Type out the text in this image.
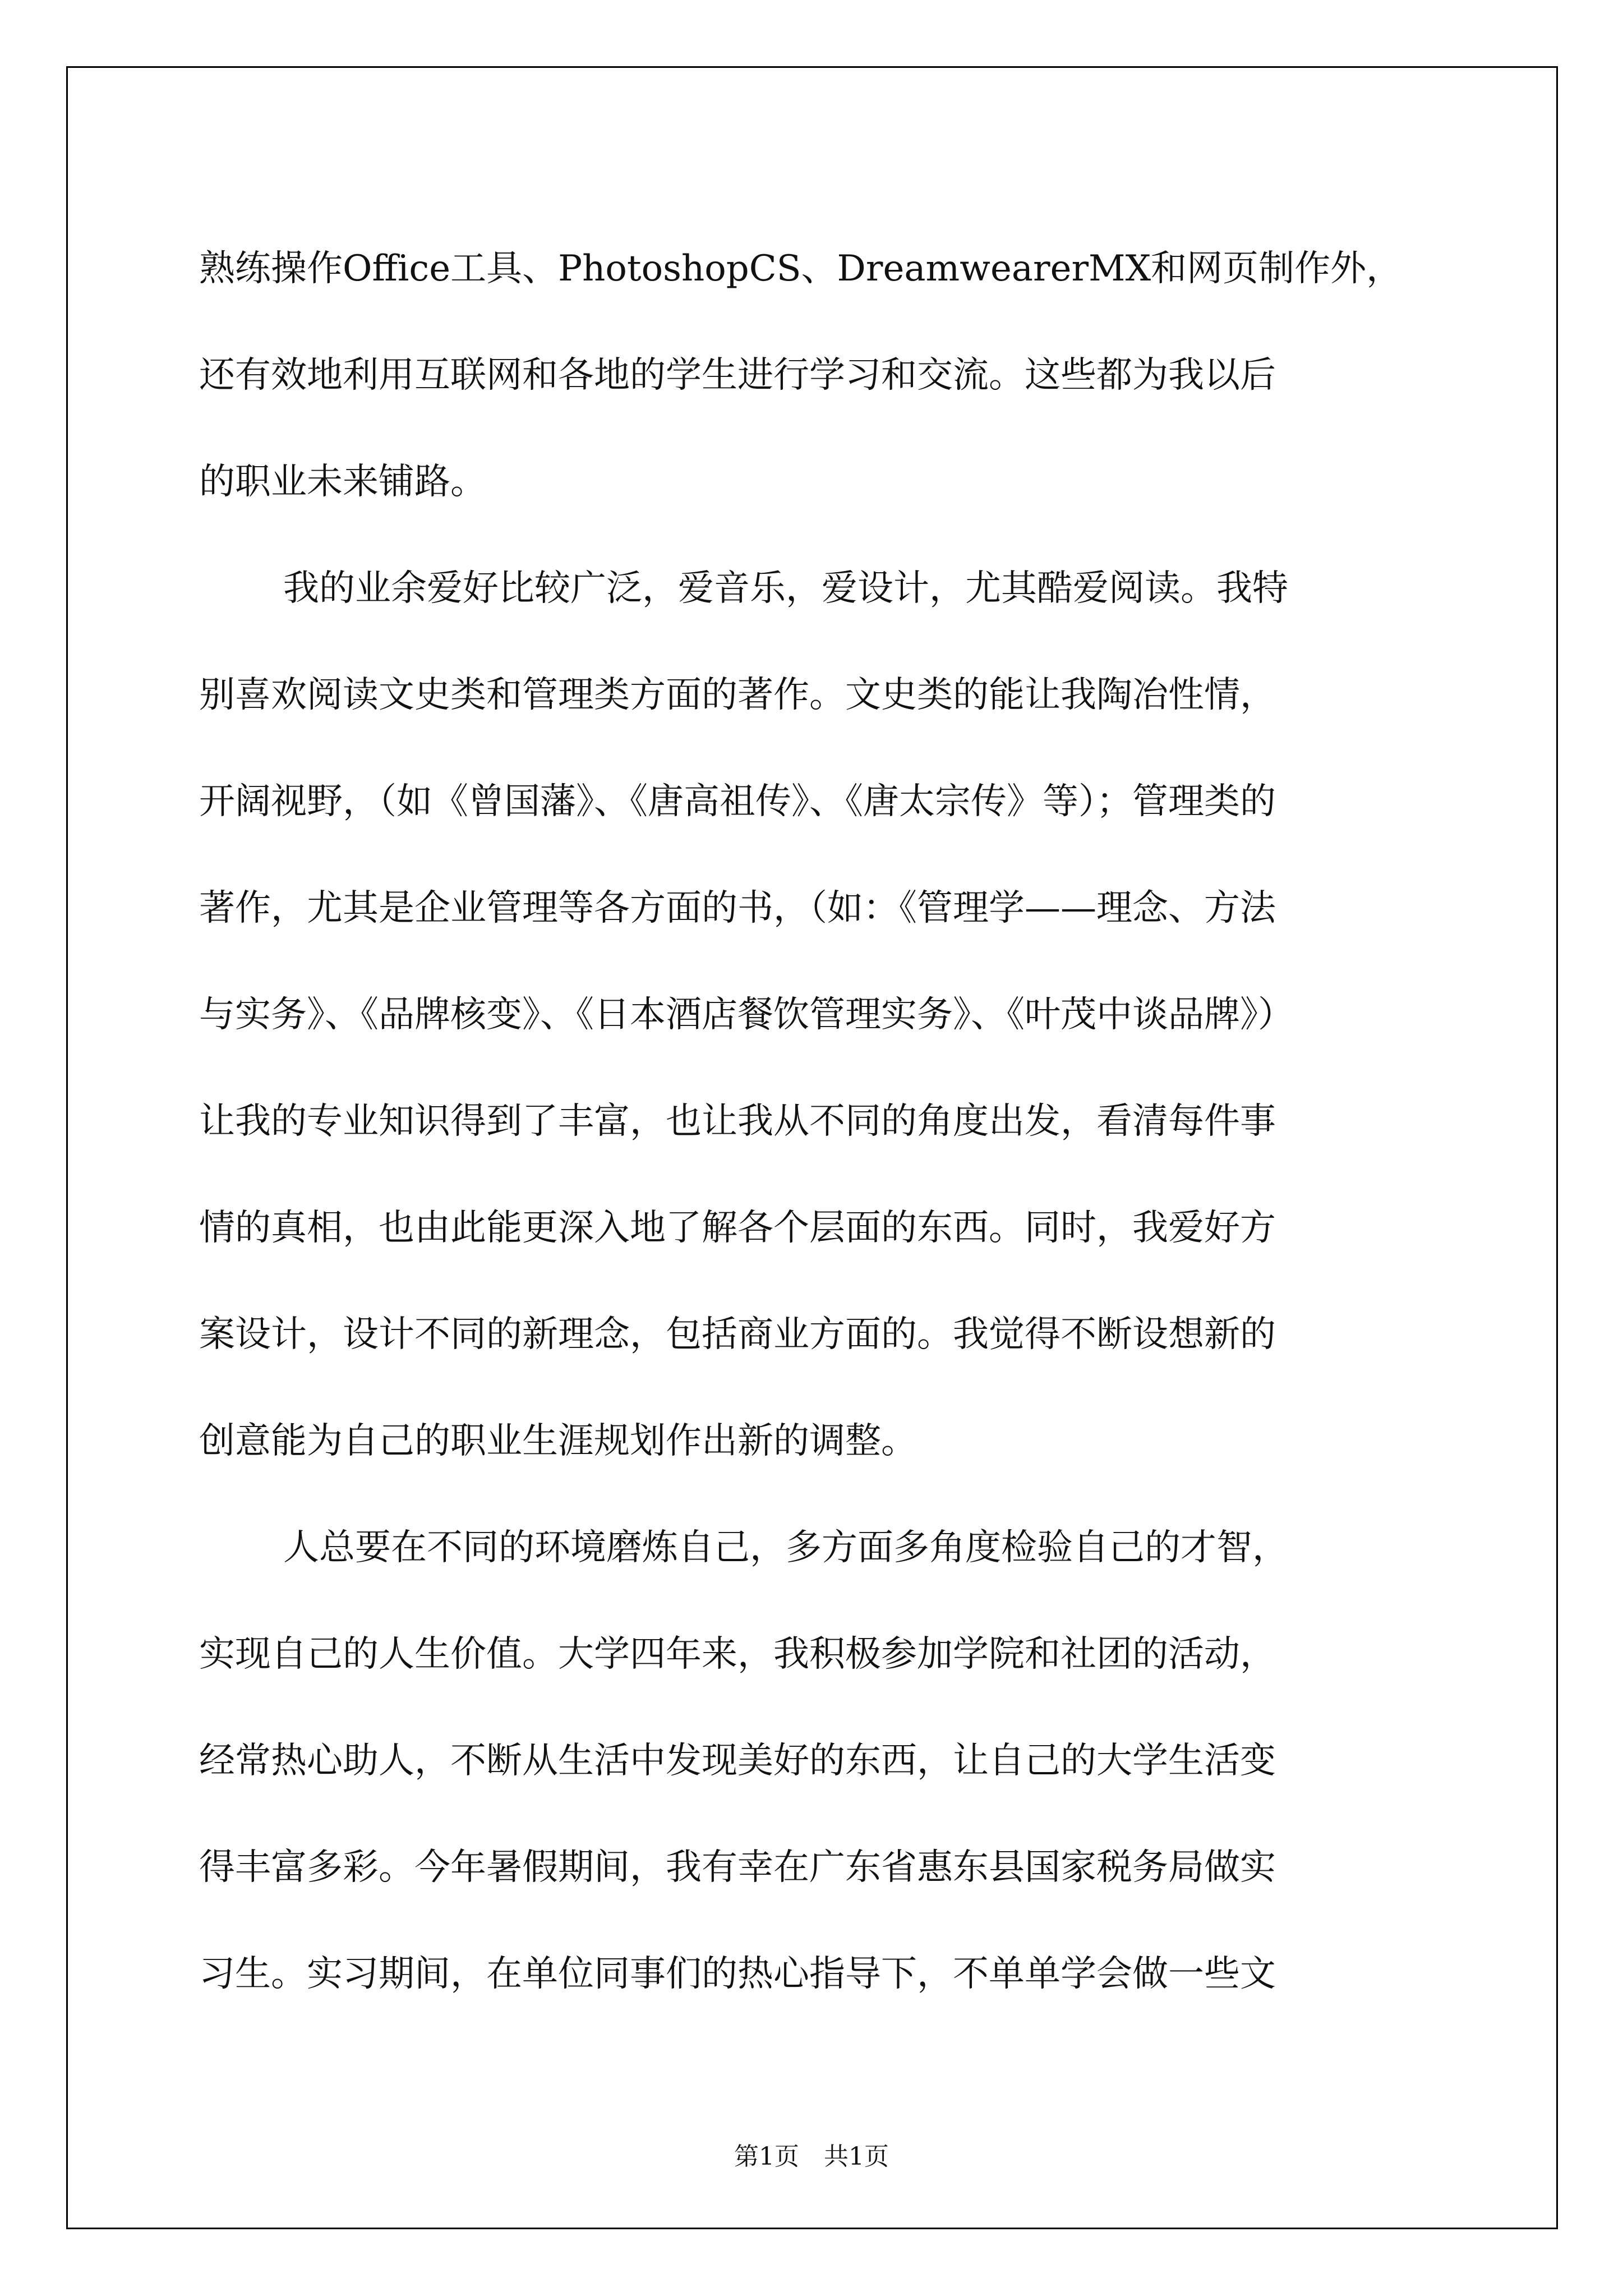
熟练操作Office工具、PhotoshopCS、DreamwearerMX和网页制作外，
还有效地利用互联网和各地的学生进行学习和交流。这些都为我以后
的职业未来铺路。
我的业余爱好比较广泛，爱音乐，爱设计，尤其酷爱阅读。我特
别喜欢阅读文史类和管理类方面的著作。文史类的能让我陶冶性情，
开阔视野，（如《曾国藩》、《唐高祖传》、《唐太宗传》等）；管理类的
著作，尤其是企业管理等各方面的书，（如：《管理学——理念、方法
与实务》、《品牌核变》、《日本酒店餐饮管理实务》、《叶茂中谈品牌》）
让我的专业知识得到了丰富，也让我从不同的角度出发，看清每件事
情的真相，也由此能更深入地了解各个层面的东西。同时，我爱好方
案设计，设计不同的新理念，包括商业方面的。我觉得不断设想新的
创意能为自己的职业生涯规划作出新的调整。
人总要在不同的环境磨炼自己，多方面多角度检验自己的才智，
实现自己的人生价值。大学四年来，我积极参加学院和社团的活动，
经常热心助人，不断从生活中发现美好的东西，让自己的大学生活变
得丰富多彩。今年暑假期间，我有幸在广东省惠东县国家税务局做实
习生。实习期间，在单位同事们的热心指导下，不单单学会做一些文
第1页　共1页
